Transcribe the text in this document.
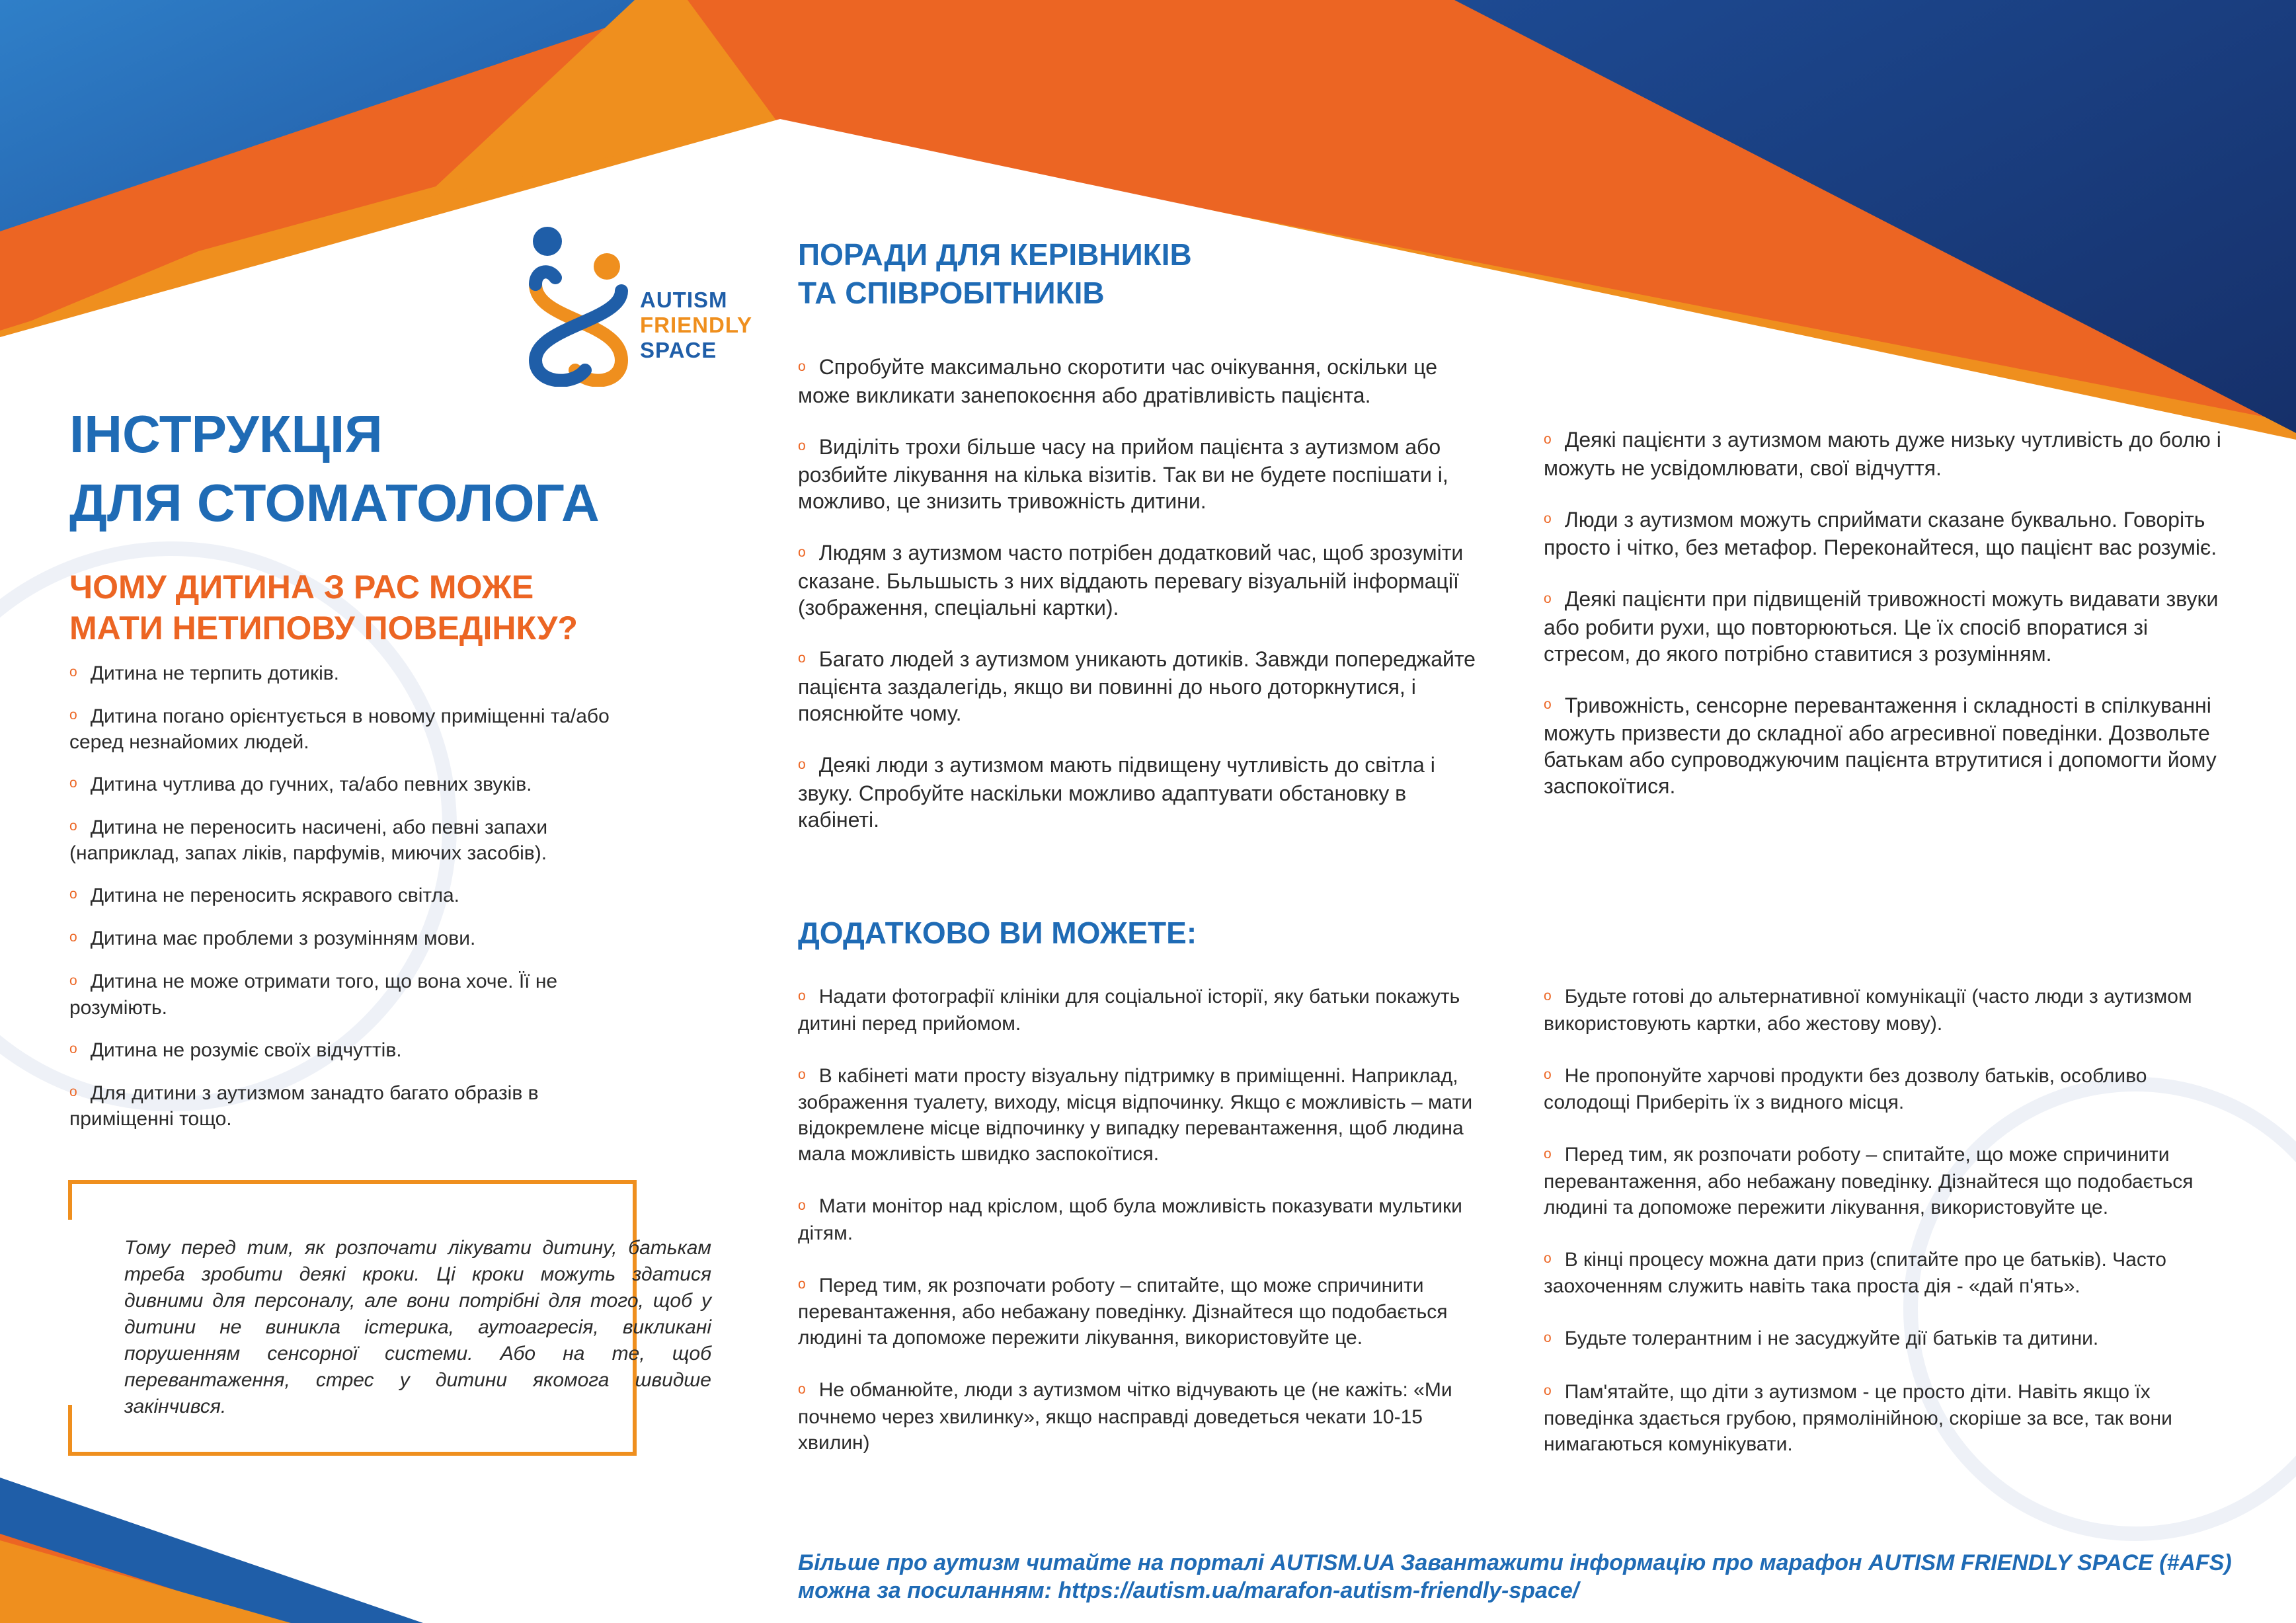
AUTISM
FRIENDLY
SPACE
ІНСТРУКЦІЯ
ДЛЯ СТОМАТОЛОГА
ЧОМУ ДИТИНА З РАС МОЖЕ
МАТИ НЕТИПОВУ ПОВЕДІНКУ?
o Дитина не терпить дотиків.
o Дитина погано орієнтується в новому приміщенні та/або серед незнайомих людей.
o Дитина чутлива до гучних, та/або певних звуків.
o Дитина не переносить насичені, або певні запахи (наприклад, запах ліків, парфумів, миючих засобів).
o Дитина не переносить яскравого світла.
o Дитина має проблеми з розумінням мови.
o Дитина не може отримати того, що вона хоче. Її не розуміють.
o Дитина не розуміє своїх відчуттів.
o Для дитини з аутизмом занадто багато образів в приміщенні тощо.

Тому перед тим, як розпочати лікувати дитину, батькам треба зробити деякі кроки. Ці кроки можуть здатися дивними для персоналу, але вони потрібні для того, щоб у дитини не виникла істерика, аутоагресія, викликані порушенням сенсорної системи. Або на те, щоб перевантаження, стрес у дитини якомога швидше закінчився.

ПОРАДИ ДЛЯ КЕРІВНИКІВ
ТА СПІВРОБІТНИКІВ
o Спробуйте максимально скоротити час очікування, оскільки це може викликати занепокоєння або дратівливість пацієнта.
o Виділіть трохи більше часу на прийом пацієнта з аутизмом або розбийте лікування на кілька візитів. Так ви не будете поспішати і, можливо, це знизить тривожність дитини.
o Людям з аутизмом часто потрібен додатковий час, щоб зрозуміти сказане. Бьльшысть з них віддають перевагу візуальній інформації (зображення, спеціальні картки).
o Багато людей з аутизмом уникають дотиків. Завжди попереджайте пацієнта заздалегідь, якщо ви повинні до нього доторкнутися, і пояснюйте чому.
o Деякі люди з аутизмом мають підвищену чутливість до світла і звуку. Спробуйте наскільки можливо адаптувати обстановку в кабінеті.
o Деякі пацієнти з аутизмом мають дуже низьку чутливість до болю і можуть не усвідомлювати, свої відчуття.
o Люди з аутизмом можуть сприймати сказане буквально. Говоріть просто і чітко, без метафор. Переконайтеся, що пацієнт вас розуміє.
o Деякі пацієнти при підвищеній тривожності можуть видавати звуки або робити рухи, що повторюються. Це їх спосіб впоратися зі стресом, до якого потрібно ставитися з розумінням.
o Тривожність, сенсорне перевантаження і складності в спілкуванні можуть призвести до складної або агресивної поведінки. Дозвольте батькам або супроводжуючим пацієнта втрутитися і допомогти йому заспокоїтися.
ДОДАТКОВО ВИ МОЖЕТЕ:
o Надати фотографії клініки для соціальної історії, яку батьки покажуть дитині перед прийомом.
o В кабінеті мати просту візуальну підтримку в приміщенні. Наприклад, зображення туалету, виходу, місця відпочинку. Якщо є можливість – мати відокремлене місце відпочинку у випадку перевантаження, щоб людина мала можливість швидко заспокоїтися.
o Мати монітор над кріслом, щоб була можливість показувати мультики дітям.
o Перед тим, як розпочати роботу – спитайте, що може спричинити перевантаження, або небажану поведінку. Дізнайтеся що подобається людині та допоможе пережити лікування, використовуйте це.
o Не обманюйте, люди з аутизмом чітко відчувають це (не кажіть: «Ми почнемо через хвилинку», якщо насправді доведеться чекати 10-15 хвилин)
o Будьте готові до альтернативної комунікації (часто люди з аутизмом використовують картки, або жестову мову).
o Не пропонуйте харчові продукти без дозволу батьків, особливо солодощі Приберіть їх з видного місця.
o Перед тим, як розпочати роботу – спитайте, що може спричинити перевантаження, або небажану поведінку. Дізнайтеся що подобається людині та допоможе пережити лікування, використовуйте це.
o В кінці процесу можна дати приз (спитайте про це батьків). Часто заохоченням служить навіть така проста дія - «дай п'ять».
o Будьте толерантним і не засуджуйте дії батьків та дитини.
o Пам'ятайте, що діти з аутизмом - це просто діти. Навіть якщо їх поведінка здається грубою, прямолінійною, скоріше за все, так вони нимагаються комунікувати.

Більше про аутизм читайте на порталі AUTISM.UA Завантажити інформацію про марафон AUTISM FRIENDLY SPACE (#AFS)
можна за посиланням: https://autism.ua/marafon-autism-friendly-space/
